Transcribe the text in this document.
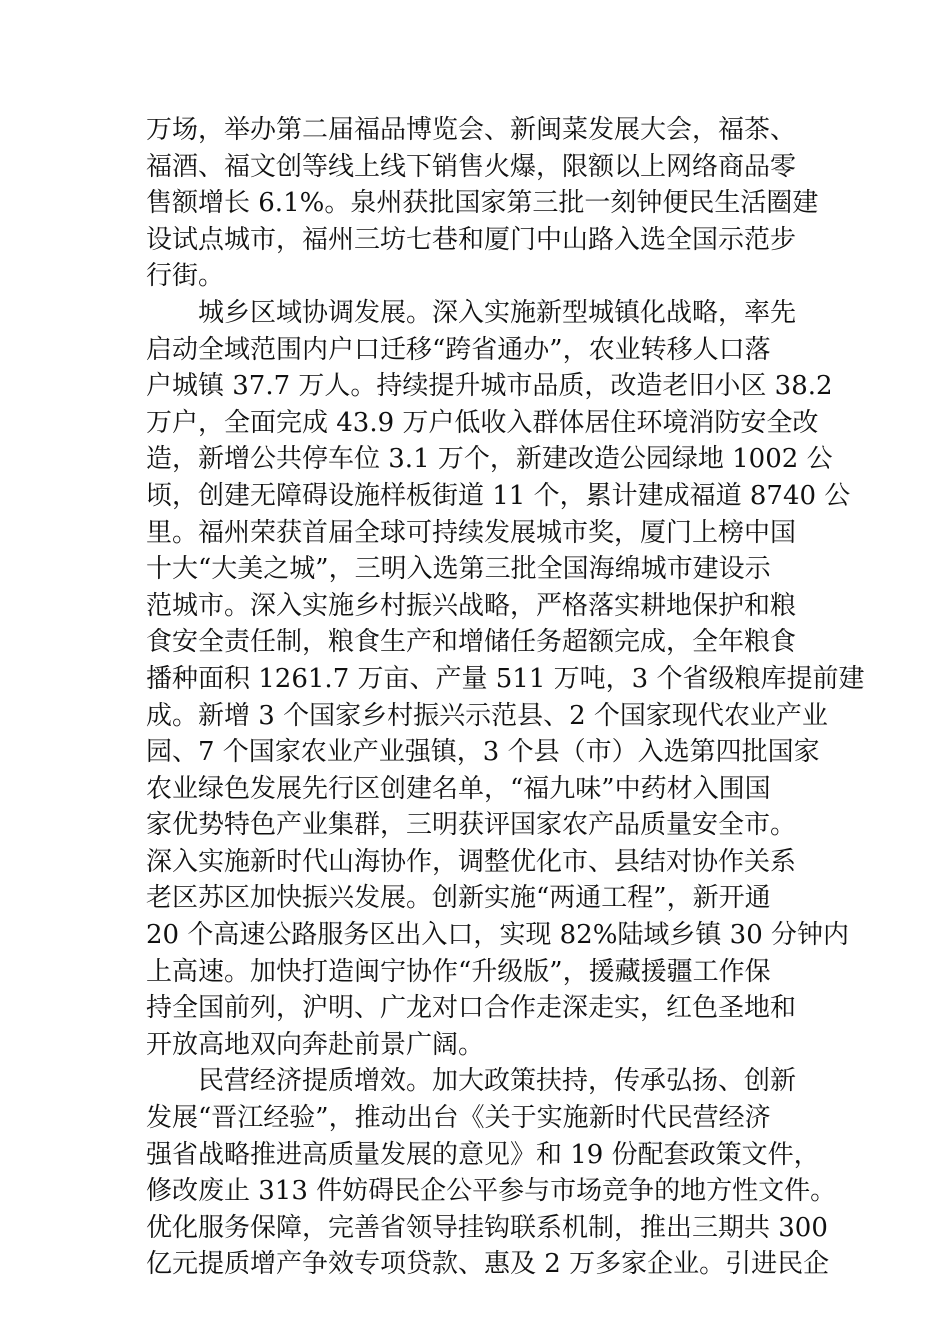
万场，举办第二届福品博览会、新闽菜发展大会，福茶、
福酒、福文创等线上线下销售火爆，限额以上网络商品零
售额增长 6.1%。泉州获批国家第三批一刻钟便民生活圈建
设试点城市，福州三坊七巷和厦门中山路入选全国示范步
行街。
城乡区域协调发展。深入实施新型城镇化战略，率先
启动全域范围内户口迁移“跨省通办”，农业转移人口落
户城镇 37.7 万人。持续提升城市品质，改造老旧小区 38.2
万户，全面完成 43.9 万户低收入群体居住环境消防安全改
造，新增公共停车位 3.1 万个，新建改造公园绿地 1002 公
顷，创建无障碍设施样板街道 11 个，累计建成福道 8740 公
里。福州荣获首届全球可持续发展城市奖，厦门上榜中国
十大“大美之城”，三明入选第三批全国海绵城市建设示
范城市。深入实施乡村振兴战略，严格落实耕地保护和粮
食安全责任制，粮食生产和增储任务超额完成，全年粮食
播种面积 1261.7 万亩、产量 511 万吨，3 个省级粮库提前建
成。新增 3 个国家乡村振兴示范县、2 个国家现代农业产业
园、7 个国家农业产业强镇，3 个县（市）入选第四批国家
农业绿色发展先行区创建名单，“福九味”中药材入围国
家优势特色产业集群，三明获评国家农产品质量安全市。
深入实施新时代山海协作，调整优化市、县结对协作关系
老区苏区加快振兴发展。创新实施“两通工程”，新开通
20 个高速公路服务区出入口，实现 82%陆域乡镇 30 分钟内
上高速。加快打造闽宁协作“升级版”，援藏援疆工作保
持全国前列，沪明、广龙对口合作走深走实，红色圣地和
开放高地双向奔赴前景广阔。
民营经济提质增效。加大政策扶持，传承弘扬、创新
发展“晋江经验”，推动出台《关于实施新时代民营经济
强省战略推进高质量发展的意见》和 19 份配套政策文件，
修改废止 313 件妨碍民企公平参与市场竞争的地方性文件。
优化服务保障，完善省领导挂钩联系机制，推出三期共 300
亿元提质增产争效专项贷款、惠及 2 万多家企业。引进民企
